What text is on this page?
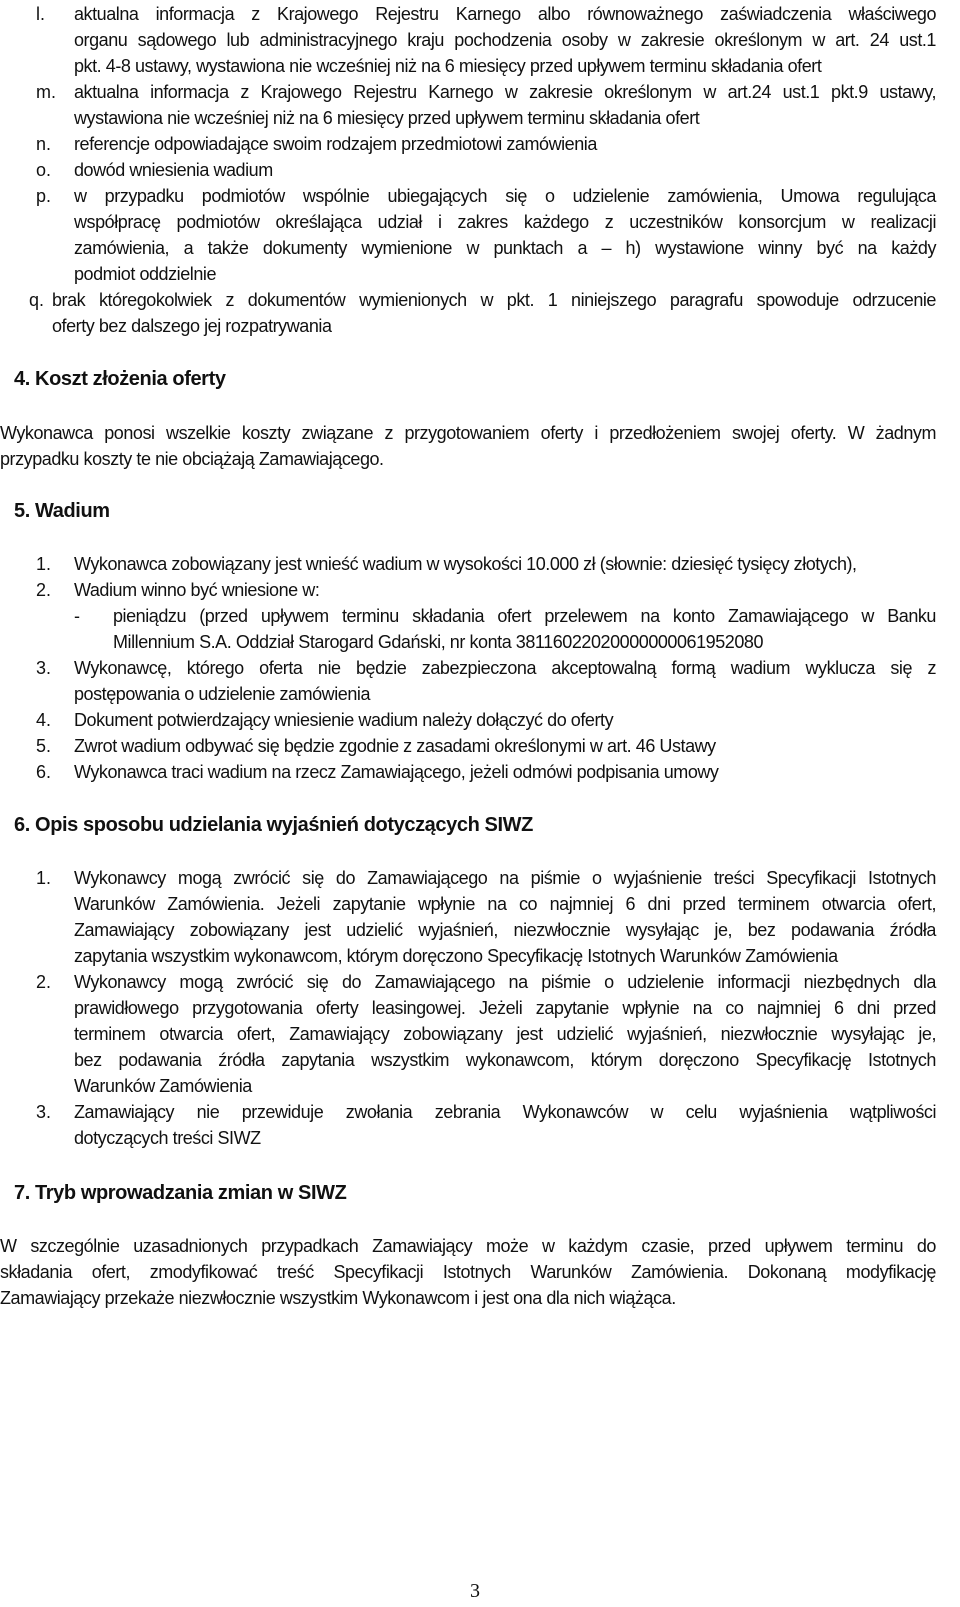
l. aktualna informacja z Krajowego Rejestru Karnego albo równoważnego zaświadczenia właściwego
organu sądowego lub administracyjnego kraju pochodzenia osoby w zakresie określonym w art. 24 ust.1
pkt. 4-8 ustawy, wystawiona nie wcześniej niż na 6 miesięcy przed upływem terminu składania ofert
m. aktualna informacja z Krajowego Rejestru Karnego w zakresie określonym w art.24 ust.1 pkt.9 ustawy,
wystawiona nie wcześniej niż na 6 miesięcy przed upływem terminu składania ofert
n. referencje odpowiadające swoim rodzajem przedmiotowi zamówienia
o. dowód wniesienia wadium
p. w przypadku podmiotów wspólnie ubiegających się o udzielenie zamówienia, Umowa regulująca
współpracę podmiotów określająca udział i zakres każdego z uczestników konsorcjum w realizacji
zamówienia, a także dokumenty wymienione w punktach a – h) wystawione winny być na każdy
podmiot oddzielnie
q. brak któregokolwiek z dokumentów wymienionych w pkt. 1 niniejszego paragrafu spowoduje odrzucenie
oferty bez dalszego jej rozpatrywania
4. Koszt złożenia oferty
Wykonawca ponosi wszelkie koszty związane z przygotowaniem oferty i przedłożeniem swojej oferty. W żadnym
przypadku koszty te nie obciążają Zamawiającego.
5. Wadium
1. Wykonawca zobowiązany jest wnieść wadium w wysokości 10.000 zł (słownie: dziesięć tysięcy złotych),
2. Wadium winno być wniesione w:
- pieniądzu (przed upływem terminu składania ofert przelewem na konto Zamawiającego w Banku
Millennium S.A. Oddział Starogard Gdański, nr konta 38116022020000000061952080
3. Wykonawcę, którego oferta nie będzie zabezpieczona akceptowalną formą wadium wyklucza się z
postępowania o udzielenie zamówienia
4. Dokument potwierdzający wniesienie wadium należy dołączyć do oferty
5. Zwrot wadium odbywać się będzie zgodnie z zasadami określonymi w art. 46 Ustawy
6. Wykonawca traci wadium na rzecz Zamawiającego, jeżeli odmówi podpisania umowy
6. Opis sposobu udzielania wyjaśnień dotyczących SIWZ
1. Wykonawcy mogą zwrócić się do Zamawiającego na piśmie o wyjaśnienie treści Specyfikacji Istotnych
Warunków Zamówienia. Jeżeli zapytanie wpłynie na co najmniej 6 dni przed terminem otwarcia ofert,
Zamawiający zobowiązany jest udzielić wyjaśnień, niezwłocznie wysyłając je, bez podawania źródła
zapytania wszystkim wykonawcom, którym doręczono Specyfikację Istotnych Warunków Zamówienia
2. Wykonawcy mogą zwrócić się do Zamawiającego na piśmie o udzielenie informacji niezbędnych dla
prawidłowego przygotowania oferty leasingowej. Jeżeli zapytanie wpłynie na co najmniej 6 dni przed
terminem otwarcia ofert, Zamawiający zobowiązany jest udzielić wyjaśnień, niezwłocznie wysyłając je,
bez podawania źródła zapytania wszystkim wykonawcom, którym doręczono Specyfikację Istotnych
Warunków Zamówienia
3. Zamawiający nie przewiduje zwołania zebrania Wykonawców w celu wyjaśnienia wątpliwości
dotyczących treści SIWZ
7. Tryb wprowadzania zmian w SIWZ
W szczególnie uzasadnionych przypadkach Zamawiający może w każdym czasie, przed upływem terminu do
składania ofert, zmodyfikować treść Specyfikacji Istotnych Warunków Zamówienia. Dokonaną modyfikację
Zamawiający przekaże niezwłocznie wszystkim Wykonawcom i jest ona dla nich wiążąca.
3
